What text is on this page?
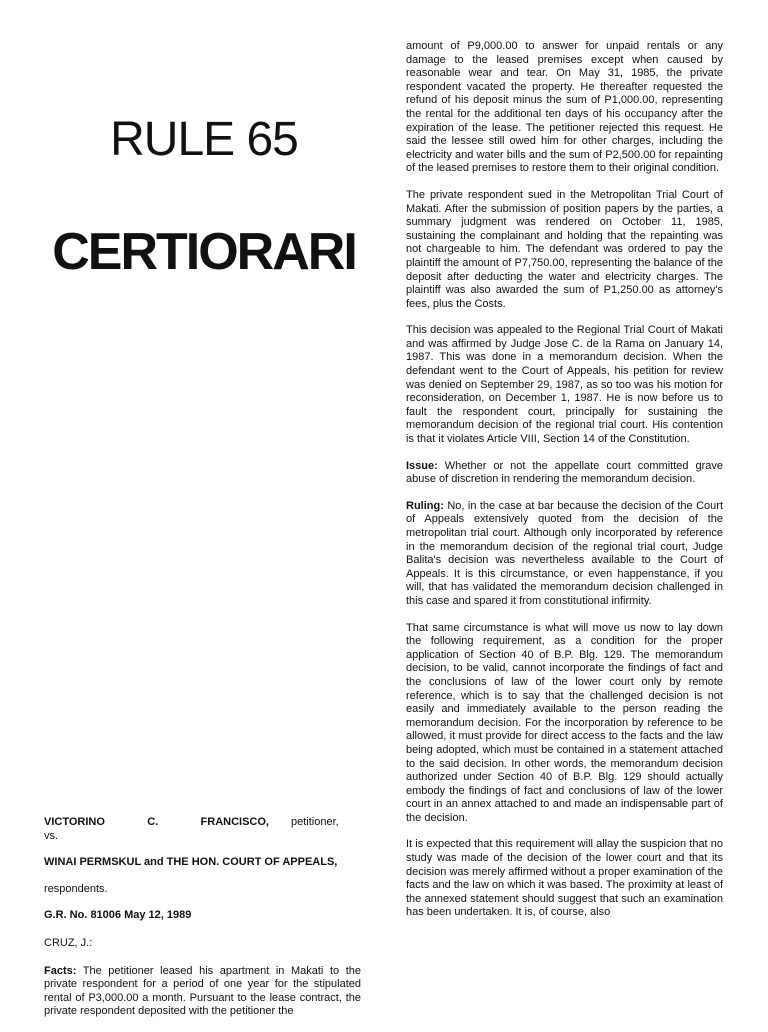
RULE 65
CERTIORARI
VICTORINO	C.	FRANCISCO, petitioner,

vs.

WINAI PERMSKUL and THE HON. COURT OF APPEALS,

respondents.

G.R. No. 81006 May 12, 1989

CRUZ, J.:

Facts: The petitioner leased his apartment in Makati to the private respondent for a period of one year for the stipulated rental of P3,000.00 a month. Pursuant to the lease contract, the private respondent deposited with the petitioner the

amount of P9,000.00 to answer for unpaid rentals or any damage to the leased premises except when caused by reasonable wear and tear. On May 31, 1985, the private respondent vacated the property. He thereafter requested the refund of his deposit minus the sum of P1,000.00, representing the rental for the additional ten days of his occupancy after the expiration of the lease. The petitioner rejected this request. He said the lessee still owed him for other charges, including the electricity and water bills and the sum of P2,500.00 for repainting of the leased premises to restore them to their original condition.

The private respondent sued in the Metropolitan Trial Court of Makati. After the submission of position papers by the parties, a summary judgment was rendered on October 11, 1985, sustaining the complainant and holding that the repainting was not chargeable to him. The defendant was ordered to pay the plaintiff the amount of P7,750.00, representing the balance of the deposit after deducting the water and electricity charges. The plaintiff was also awarded the sum of P1,250.00 as attorney's fees, plus the Costs.

This decision was appealed to the Regional Trial Court of Makati and was affirmed by Judge Jose C. de la Rama on January 14, 1987. This was done in a memorandum decision. When the defendant went to the Court of Appeals, his petition for review was denied on September 29, 1987, as so too was his motion for reconsideration, on December 1, 1987. He is now before us to fault the respondent court, principally for sustaining the memorandum decision of the regional trial court. His contention is that it violates Article VIII, Section 14 of the Constitution.

Issue: Whether or not the appellate court committed grave abuse of discretion in rendering the memorandum decision.

Ruling: No, in the case at bar because the decision of the Court of Appeals extensively quoted from the decision of the metropolitan trial court. Although only incorporated by reference in the memorandum decision of the regional trial court, Judge Balita's decision was nevertheless available to the Court of Appeals. It is this circumstance, or even happenstance, if you will, that has validated the memorandum decision challenged in this case and spared it from constitutional infirmity.

That same circumstance is what will move us now to lay down the following requirement, as a condition for the proper application of Section 40 of B.P. Blg. 129. The memorandum decision, to be valid, cannot incorporate the findings of fact and the conclusions of law of the lower court only by remote reference, which is to say that the challenged decision is not easily and immediately available to the person reading the memorandum decision. For the incorporation by reference to be allowed, it must provide for direct access to the facts and the law being adopted, which must be contained in a statement attached to the said decision. In other words, the memorandum decision authorized under Section 40 of B.P. Blg. 129 should actually embody the findings of fact and conclusions of law of the lower court in an annex attached to and made an indispensable part of the decision.

It is expected that this requirement will allay the suspicion that no study was made of the decision of the lower court and that its decision was merely affirmed without a proper examination of the facts and the law on which it was based. The proximity at least of the annexed statement should suggest that such an examination has been undertaken. It is, of course, also
